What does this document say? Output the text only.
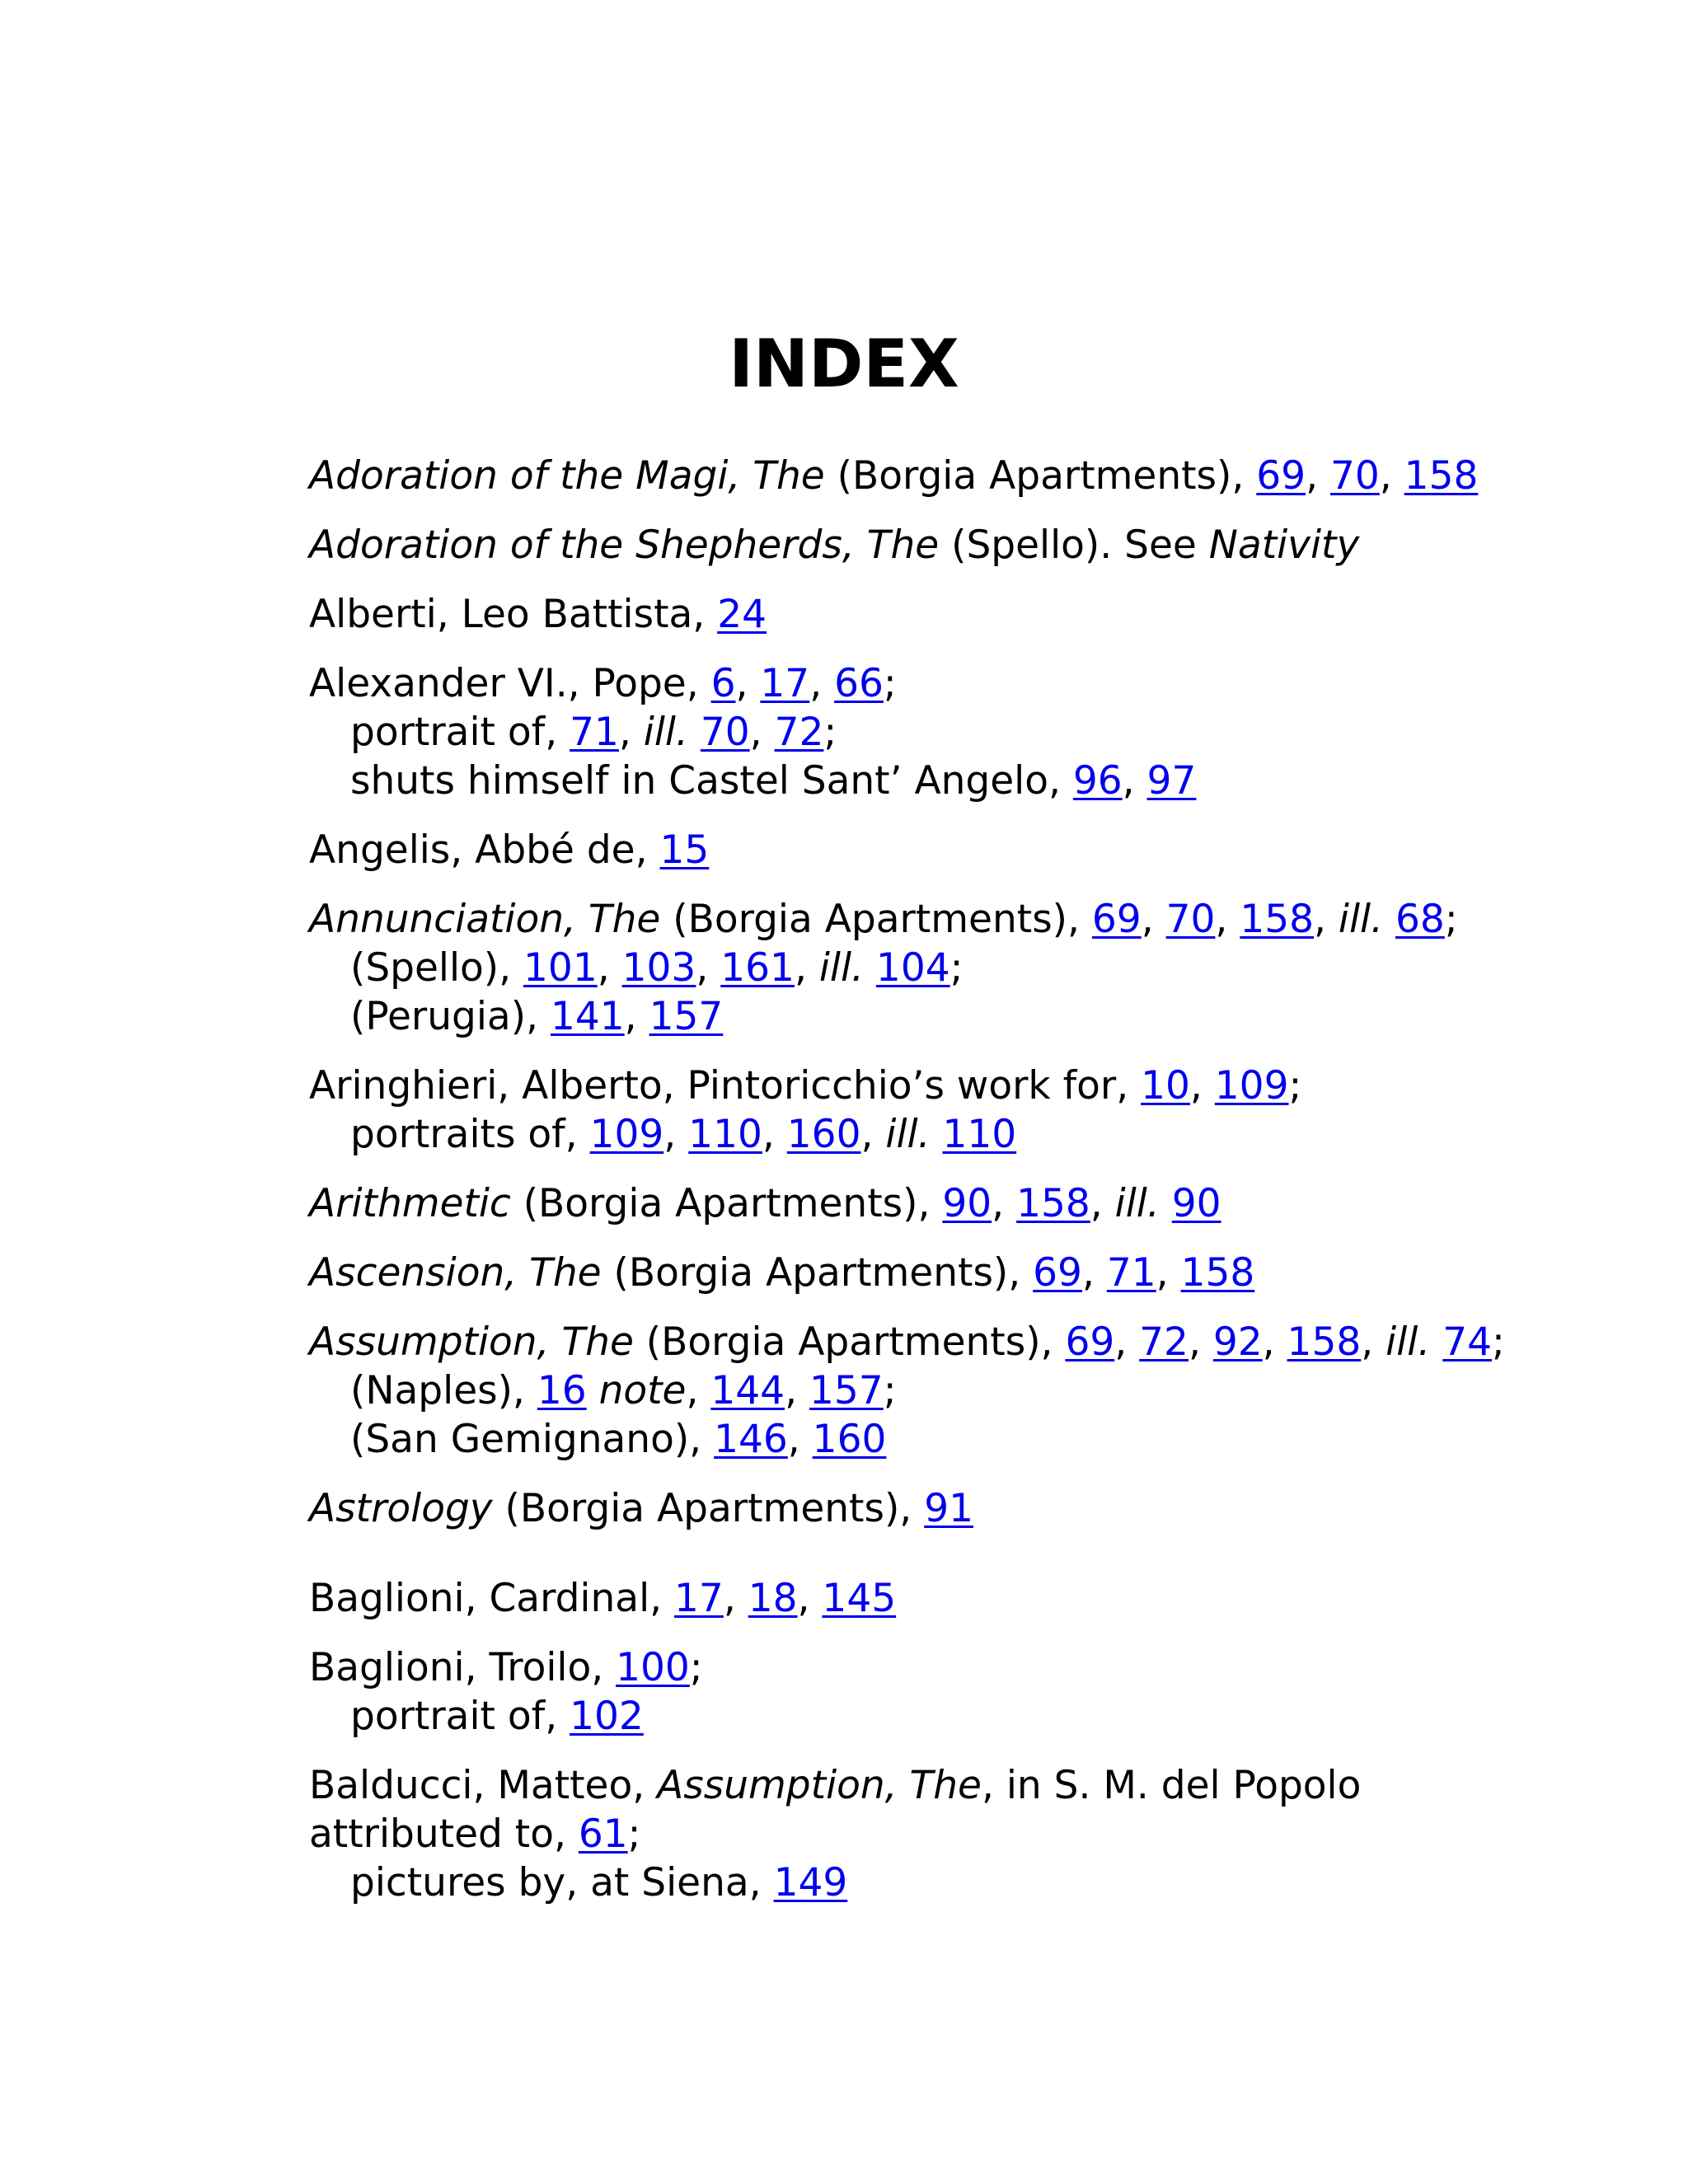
INDEX
Adoration of the Magi, The (Borgia Apartments), 69, 70, 158
Adoration of the Shepherds, The (Spello). See Nativity
Alberti, Leo Battista, 24
Alexander VI., Pope, 6, 17, 66;
portrait of, 71, ill. 70, 72;
shuts himself in Castel Sant’ Angelo, 96, 97
Angelis, Abbé de, 15
Annunciation, The (Borgia Apartments), 69, 70, 158, ill. 68;
(Spello), 101, 103, 161, ill. 104;
(Perugia), 141, 157
Aringhieri, Alberto, Pintoricchio’s work for, 10, 109;
portraits of, 109, 110, 160, ill. 110
Arithmetic (Borgia Apartments), 90, 158, ill. 90
Ascension, The (Borgia Apartments), 69, 71, 158
Assumption, The (Borgia Apartments), 69, 72, 92, 158, ill. 74;
(Naples), 16 note, 144, 157;
(San Gemignano), 146, 160
Astrology (Borgia Apartments), 91
Baglioni, Cardinal, 17, 18, 145
Baglioni, Troilo, 100;
portrait of, 102
Balducci, Matteo, Assumption, The, in S. M. del Popolo
attributed to, 61;
pictures by, at Siena, 149
